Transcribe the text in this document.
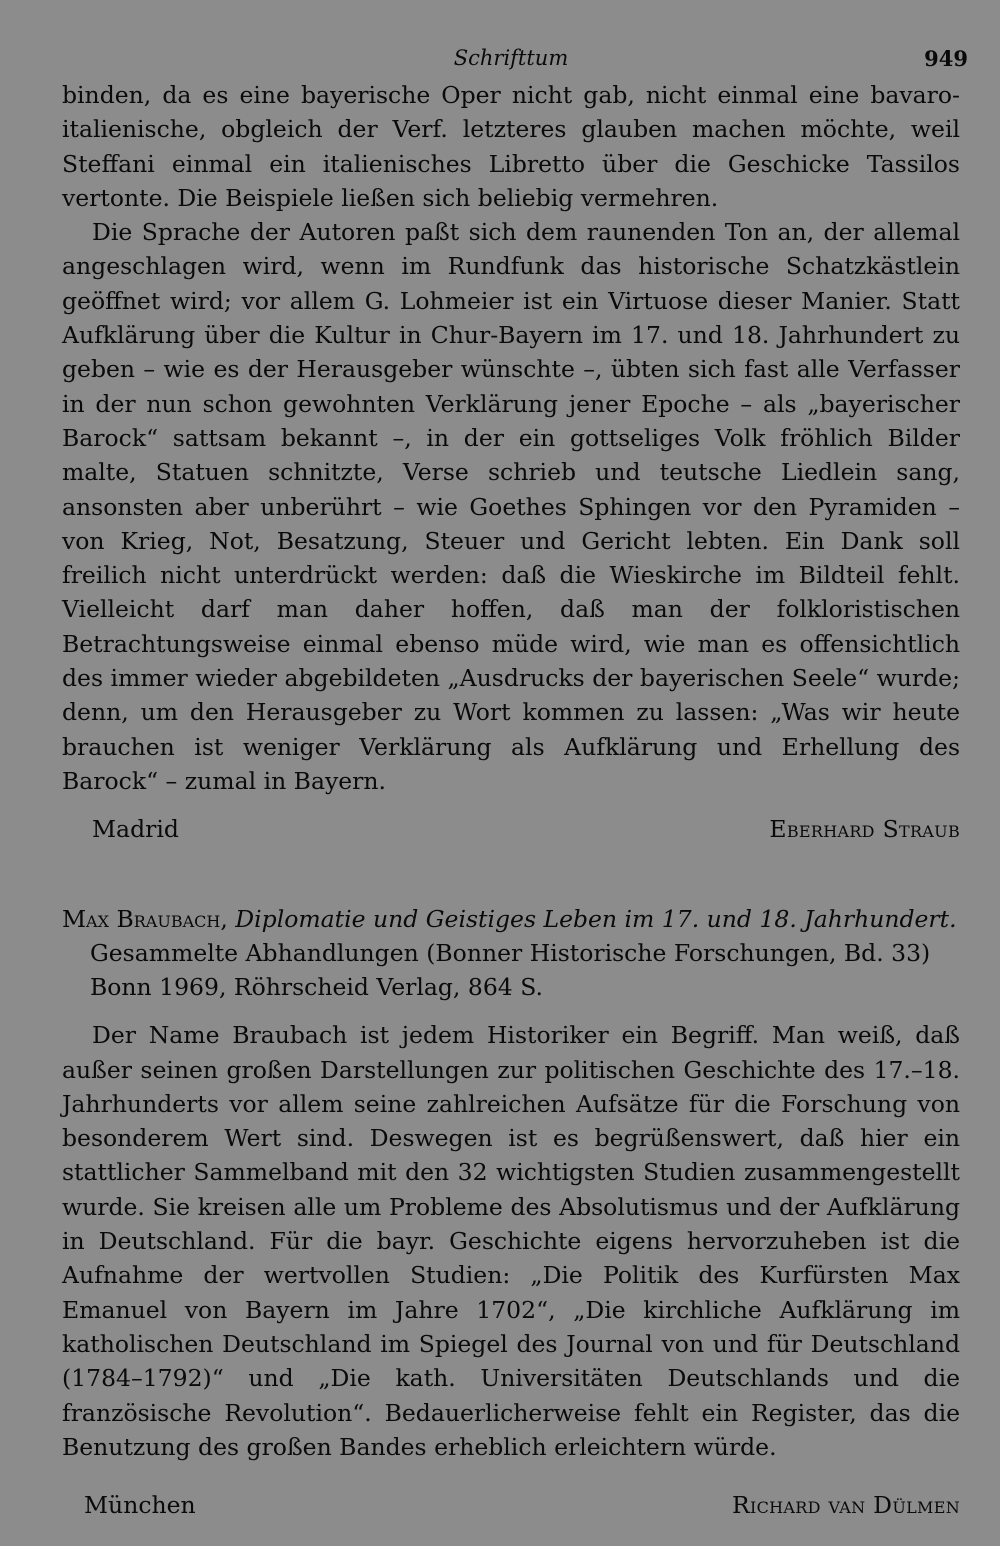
Schrifttum	949

binden, da es eine bayerische Oper nicht gab, nicht einmal eine bavaro-italienische, obgleich der Verf. letzteres glauben machen möchte, weil Steffani einmal ein italienisches Libretto über die Geschicke Tassilos vertonte. Die Beispiele ließen sich beliebig vermehren.

Die Sprache der Autoren paßt sich dem raunenden Ton an, der allemal angeschlagen wird, wenn im Rundfunk das historische Schatzkästlein geöffnet wird; vor allem G. Lohmeier ist ein Virtuose dieser Manier. Statt Aufklärung über die Kultur in Chur-Bayern im 17. und 18. Jahrhundert zu geben – wie es der Herausgeber wünschte –, übten sich fast alle Verfasser in der nun schon gewohnten Verklärung jener Epoche – als „bayerischer Barock“ sattsam bekannt –, in der ein gottseliges Volk fröhlich Bilder malte, Statuen schnitzte, Verse schrieb und teutsche Liedlein sang, ansonsten aber unberührt – wie Goethes Sphingen vor den Pyramiden – von Krieg, Not, Besatzung, Steuer und Gericht lebten. Ein Dank soll freilich nicht unterdrückt werden: daß die Wieskirche im Bildteil fehlt. Vielleicht darf man daher hoffen, daß man der folkloristischen Betrachtungsweise einmal ebenso müde wird, wie man es offensichtlich des immer wieder abgebildeten „Ausdrucks der bayerischen Seele“ wurde; denn, um den Herausgeber zu Wort kommen zu lassen: „Was wir heute brauchen ist weniger Verklärung als Aufklärung und Erhellung des Barock“ – zumal in Bayern.

Madrid	Eberhard Straub
Max Braubach, Diplomatie und Geistiges Leben im 17. und 18. Jahrhundert.
Gesammelte Abhandlungen (Bonner Historische Forschungen, Bd. 33)
Bonn 1969, Röhrscheid Verlag, 864 S.

Der Name Braubach ist jedem Historiker ein Begriff. Man weiß, daß außer seinen großen Darstellungen zur politischen Geschichte des 17.–18. Jahrhunderts vor allem seine zahlreichen Aufsätze für die Forschung von besonderem Wert sind. Deswegen ist es begrüßenswert, daß hier ein stattlicher Sammelband mit den 32 wichtigsten Studien zusammengestellt wurde. Sie kreisen alle um Probleme des Absolutismus und der Aufklärung in Deutschland. Für die bayr. Geschichte eigens hervorzuheben ist die Aufnahme der wertvollen Studien: „Die Politik des Kurfürsten Max Emanuel von Bayern im Jahre 1702“, „Die kirchliche Aufklärung im katholischen Deutschland im Spiegel des Journal von und für Deutschland (1784–1792)“ und „Die kath. Universitäten Deutschlands und die französische Revolution“. Bedauerlicherweise fehlt ein Register, das die Benutzung des großen Bandes erheblich erleichtern würde.

München	Richard van Dülmen
